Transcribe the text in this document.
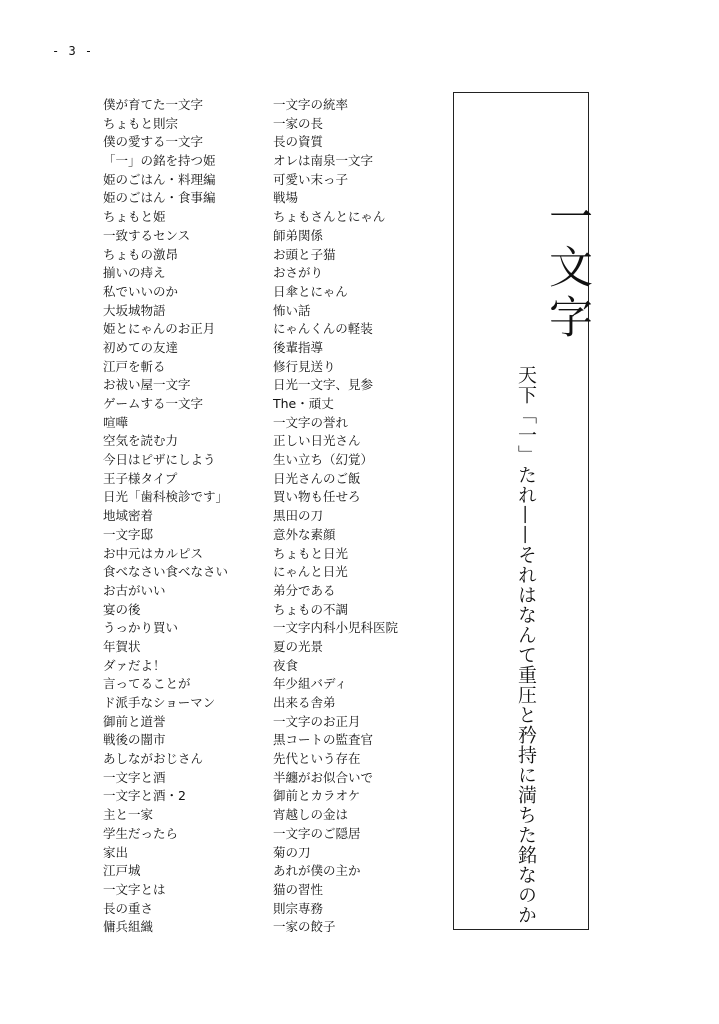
- 3 -
僕が育てた一文字
ちょもと則宗
僕の愛する一文字
「一」の銘を持つ姫
姫のごはん・料理編
姫のごはん・食事編
ちょもと姫
一致するセンス
ちょもの激昂
揃いの痔え
私でいいのか
大坂城物語
姫とにゃんのお正月
初めての友達
江戸を斬る
お祓い屋一文字
ゲームする一文字
喧嘩
空気を読む力
今日はピザにしよう
王子様タイプ
日光「歯科検診です」
地域密着
一文字邸
お中元はカルピス
食べなさい食べなさい
お古がいい
宴の後
うっかり買い
年賀状
ダァだよ！
言ってることが
ド派手なショーマン
御前と道誉
戦後の闇市
あしながおじさん
一文字と酒
一文字と酒・2
主と一家
学生だったら
家出
江戸城
一文字とは
長の重さ
傭兵組織
一文字の統率
一家の長
長の資質
オレは南泉一文字
可愛い末っ子
戦場
ちょもさんとにゃん
師弟関係
お頭と子猫
おさがり
日傘とにゃん
怖い話
にゃんくんの軽装
後輩指導
修行見送り
日光一文字、見参
The・頑丈
一文字の誉れ
正しい日光さん
生い立ち（幻覚）
日光さんのご飯
買い物も任せろ
黒田の刀
意外な素顔
ちょもと日光
にゃんと日光
弟分である
ちょもの不調
一文字内科小児科医院
夏の光景
夜食
年少組バディ
出来る舎弟
一文字のお正月
黒コートの監査官
先代という存在
半纏がお似合いで
御前とカラオケ
宵越しの金は
一文字のご隠居
菊の刀
あれが僕の主か
猫の習性
則宗専務
一家の餃子
一文字
天下「一」たれ——それはなんて重圧と矜持に満ちた銘なのか
